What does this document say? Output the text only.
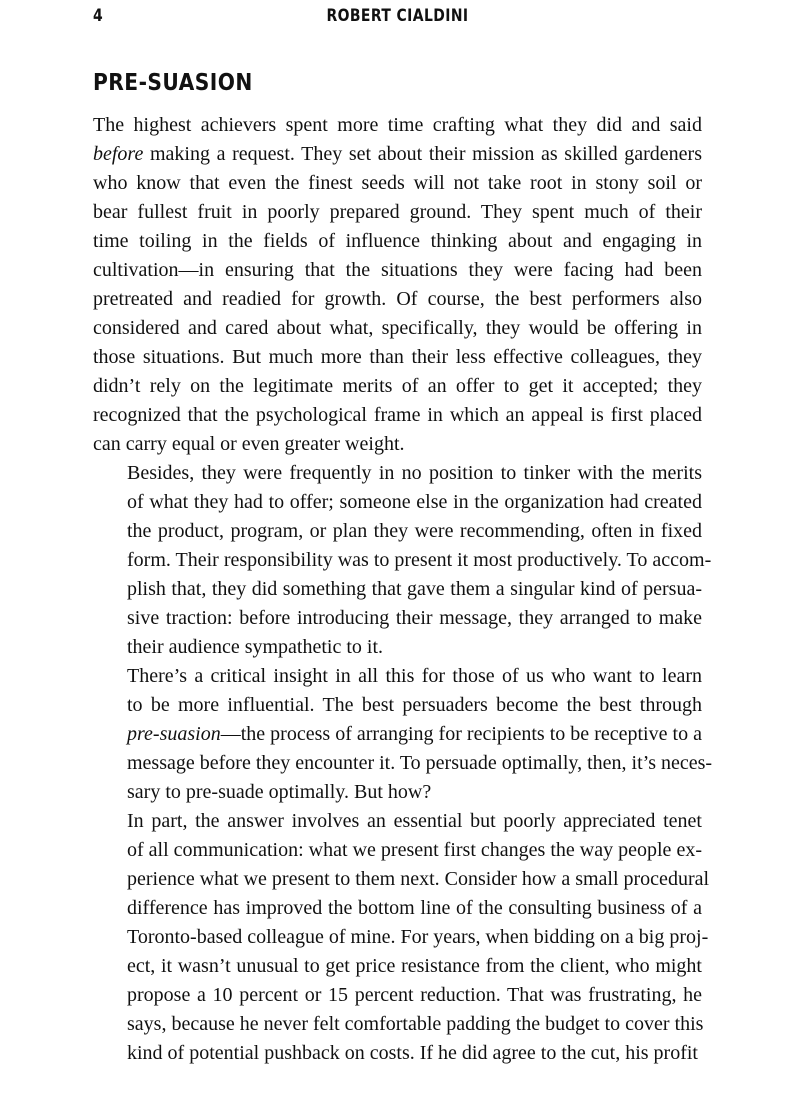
4	ROBERT CIALDINI
PRE-SUASION

The highest achievers spent more time crafting what they did and said
before making a request. They set about their mission as skilled gardeners
who know that even the finest seeds will not take root in stony soil or
bear fullest fruit in poorly prepared ground. They spent much of their
time toiling in the fields of influence thinking about and engaging in
cultivation—in ensuring that the situations they were facing had been
pretreated and readied for growth. Of course, the best performers also
considered and cared about what, specifically, they would be offering in
those situations. But much more than their less effective colleagues, they
didn’t rely on the legitimate merits of an offer to get it accepted; they
recognized that the psychological frame in which an appeal is first placed
can carry equal or even greater weight.

Besides, they were frequently in no position to tinker with the merits
of what they had to offer; someone else in the organization had created
the product, program, or plan they were recommending, often in fixed
form. Their responsibility was to present it most productively. To accom-
plish that, they did something that gave them a singular kind of persua-
sive traction: before introducing their message, they arranged to make
their audience sympathetic to it.

There’s a critical insight in all this for those of us who want to learn
to be more influential. The best persuaders become the best through
pre-suasion—the process of arranging for recipients to be receptive to a
message before they encounter it. To persuade optimally, then, it’s neces-
sary to pre-suade optimally. But how?

In part, the answer involves an essential but poorly appreciated tenet
of all communication: what we present first changes the way people ex-
perience what we present to them next. Consider how a small procedural
difference has improved the bottom line of the consulting business of a
Toronto-based colleague of mine. For years, when bidding on a big proj-
ect, it wasn’t unusual to get price resistance from the client, who might
propose a 10 percent or 15 percent reduction. That was frustrating, he
says, because he never felt comfortable padding the budget to cover this
kind of potential pushback on costs. If he did agree to the cut, his profit
